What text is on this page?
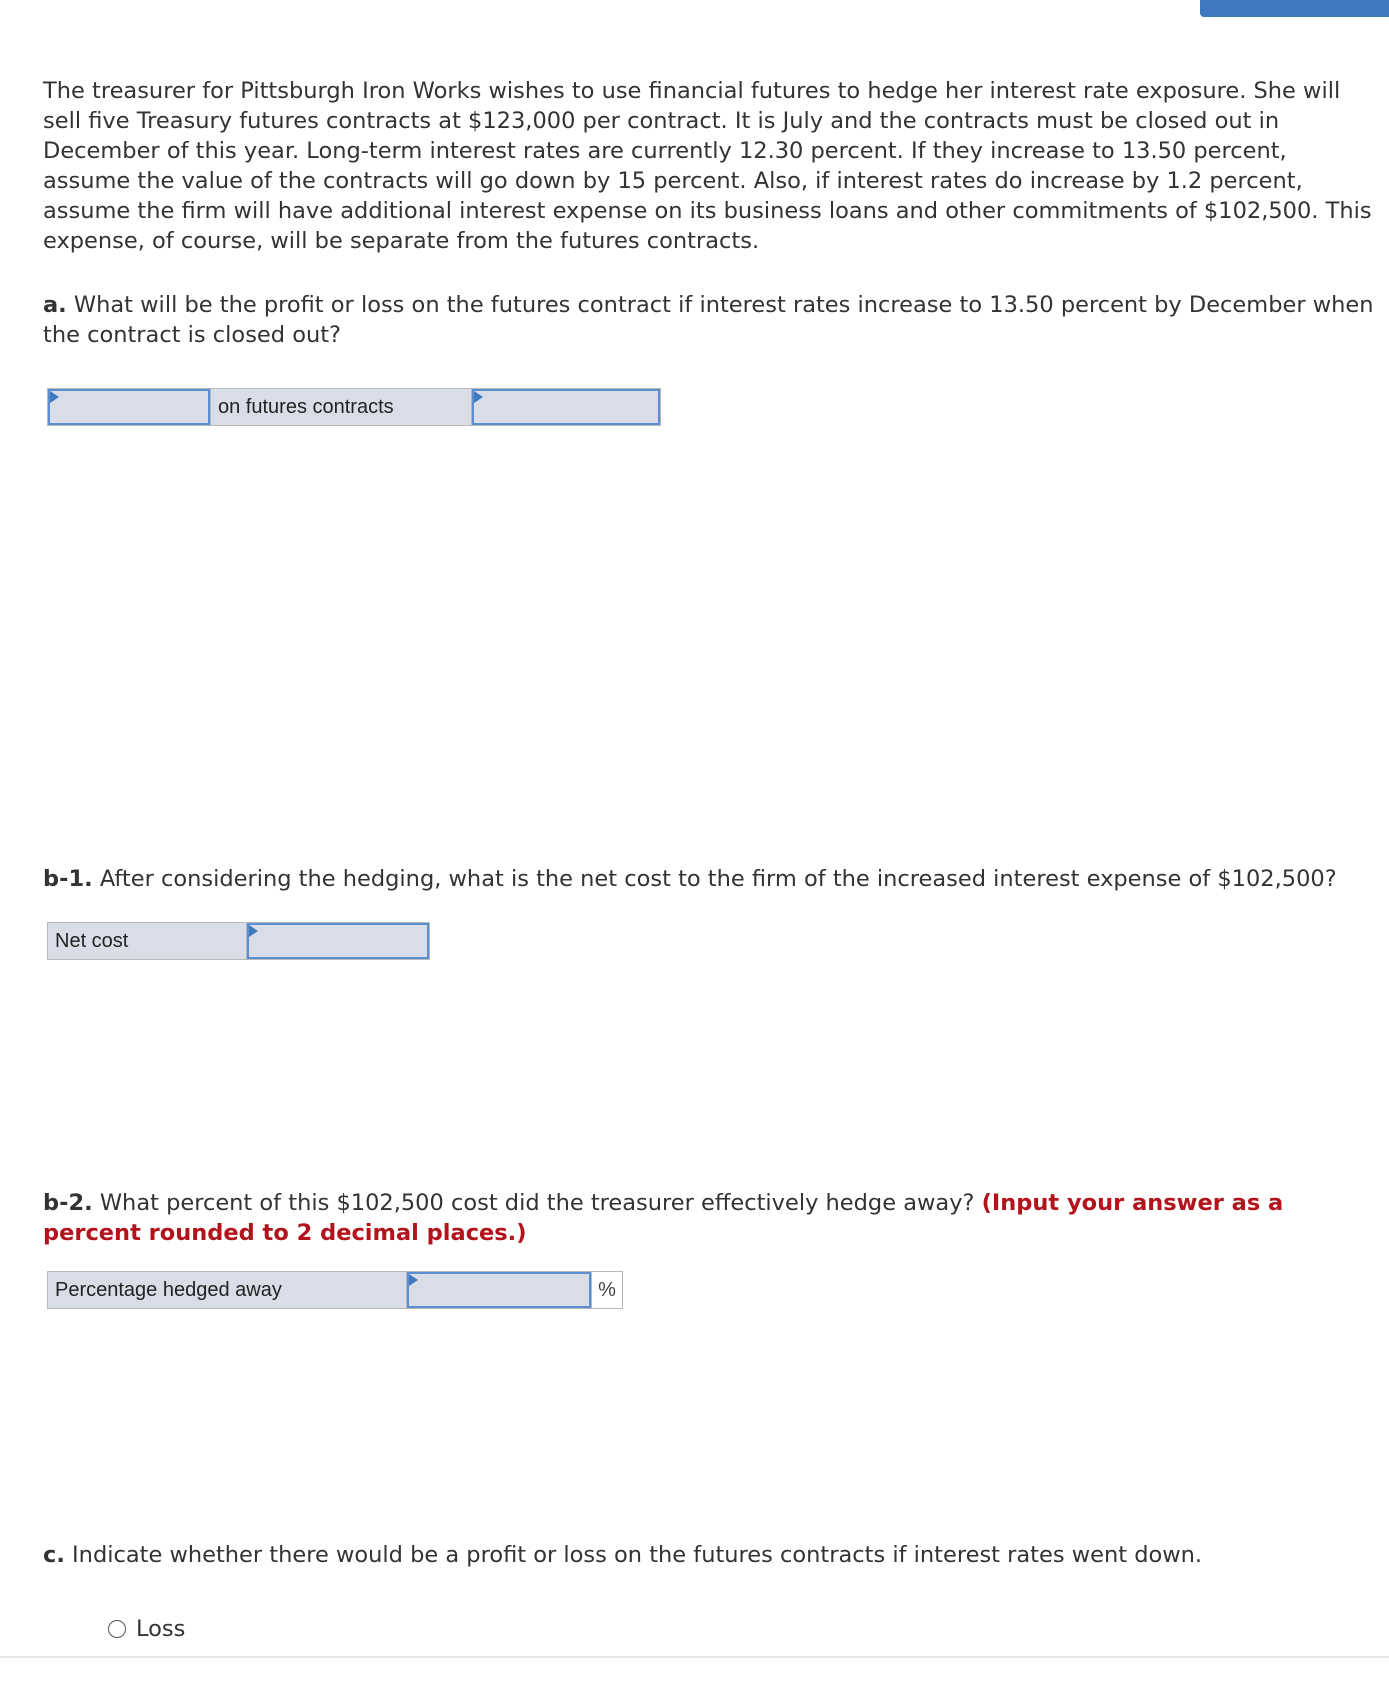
The treasurer for Pittsburgh Iron Works wishes to use financial futures to hedge her interest rate exposure. She will sell five Treasury futures contracts at $123,000 per contract. It is July and the contracts must be closed out in December of this year. Long-term interest rates are currently 12.30 percent. If they increase to 13.50 percent, assume the value of the contracts will go down by 15 percent. Also, if interest rates do increase by 1.2 percent, assume the firm will have additional interest expense on its business loans and other commitments of $102,500. This expense, of course, will be separate from the futures contracts.
a. What will be the profit or loss on the futures contract if interest rates increase to 13.50 percent by December when the contract is closed out?
on futures contracts
b-1. After considering the hedging, what is the net cost to the firm of the increased interest expense of $102,500?
Net cost
b-2. What percent of this $102,500 cost did the treasurer effectively hedge away? (Input your answer as a percent rounded to 2 decimal places.)
Percentage hedged away	%
c. Indicate whether there would be a profit or loss on the futures contracts if interest rates went down.
Loss
